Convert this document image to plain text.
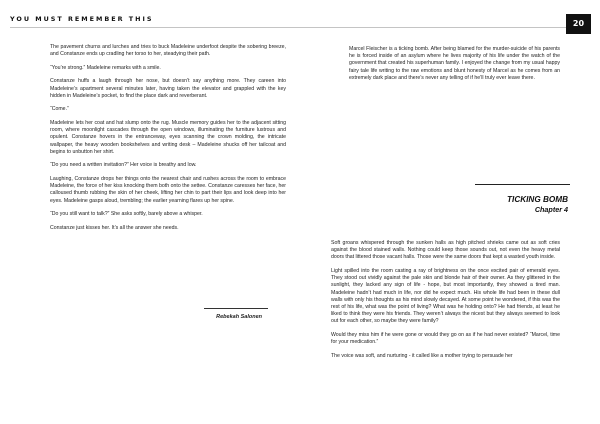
YOU MUST REMEMBER THIS	20

The pavement churns and lurches and tries to buck Madeleine underfoot despite the sobering breeze, and Constanze ends up cradling her torso to her, steadying their path.

“You’re strong.” Madeleine remarks with a smile.

Constanze huffs a laugh through her nose, but doesn’t say anything more. They careen into Madeleine’s apartment several minutes later, having taken the elevator and grappled with the key hidden in Madeleine’s pocket, to find the place dark and reverberant.

“Come.”

Madeleine lets her coat and hat slump onto the rug. Muscle memory guides her to the adjacent sitting room, where moonlight cascades through the open windows, illuminating the furniture lustrous and opulent. Constanze hovers in the entranceway, eyes scanning the crown molding, the intricate wallpaper, the heavy wooden bookshelves and writing desk – Madeleine shucks off her tailcoat and begins to unbutton her shirt.

“Do you need a written invitation?” Her voice is breathy and low.

Laughing, Constanze drops her things onto the nearest chair and rushes across the room to embrace Madeleine, the force of her kiss knocking them both onto the settee. Constanze caresses her face, her calloused thumb rubbing the skin of her cheek, lifting her chin to part their lips and look deep into her eyes. Madeleine gasps aloud, trembling; the earlier yearning flares up her spine.

“Do you still want to talk?” She asks softly, barely above a whisper.

Constanze just kisses her. It’s all the answer she needs.

Rebekah Salonen

Marcel Fleischer is a ticking bomb. After being blamed for the murder-suicide of his parents he is forced inside of an asylum where he lives majority of his life under the watch of the government that created his superhuman family. I enjoyed the change from my usual happy fairy tale life writing to the raw emotions and blunt honesty of Marcel as he comes from an extremely dark place and there’s never any telling of if he’ll truly ever leave there.

TICKING BOMB
Chapter 4

Soft groans whispered through the sunken halls as high pitched shrieks came out as soft cries against the blood stained walls. Nothing could keep those sounds out, not even the heavy metal doors that littered those vacant halls. Those were the same doors that kept a wasted youth inside.

Light spilled into the room casting a ray of brightness on the once excited pair of emerald eyes. They stood out vividly against the pale skin and blonde hair of their owner. As they glittered in the sunlight, they lacked any sign of life - hope, but most importantly, they showed a tired man. Madeleine hadn’t had much in life, nor did he expect much. His whole life had been in these dull walls with only his thoughts as his mind slowly decayed. At some point he wondered, if this was the rest of his life, what was the point of living? What was he holding onto? He had friends, at least he liked to think they were his friends. They weren’t always the nicest but they always seemed to look out for each other, so maybe they were family?

Would they miss him if he were gone or would they go on as if he had never existed? “Marcel, time for your medication.”

The voice was soft, and nurturing - it called like a mother trying to persuade her
